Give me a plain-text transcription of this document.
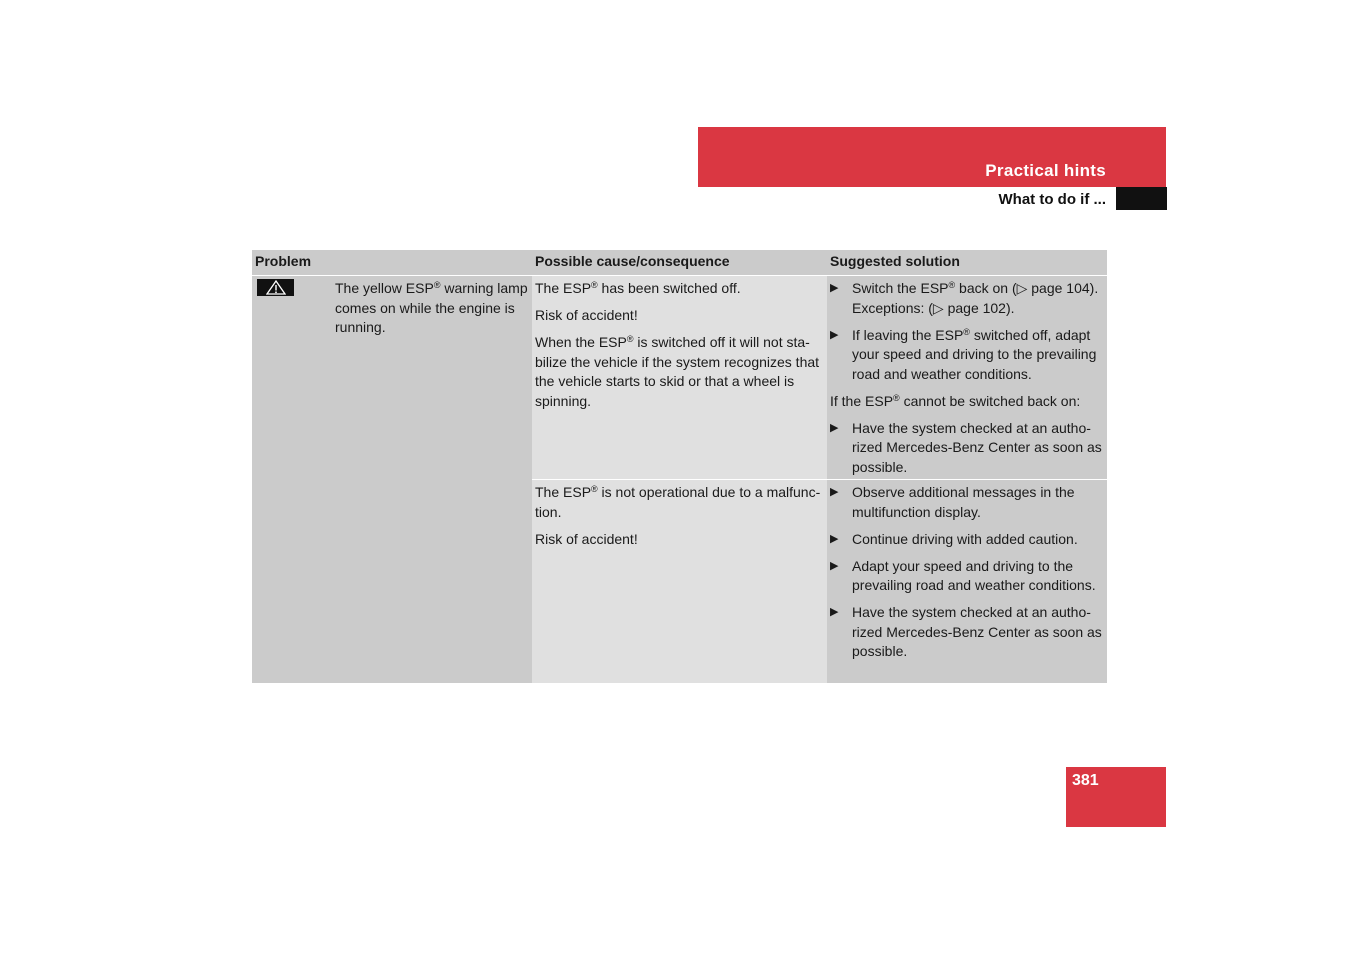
Practical hints
What to do if ...
Problem	Possible cause/consequence	Suggested solution
The yellow ESP® warning lamp comes on while the engine is running.

The ESP® has been switched off.

Risk of accident!

When the ESP® is switched off it will not stabilize the vehicle if the system recognizes that the vehicle starts to skid or that a wheel is spinning.

▶ Switch the ESP® back on (▷ page 104). Exceptions: (▷ page 102).
▶ If leaving the ESP® switched off, adapt your speed and driving to the prevailing road and weather conditions.

If the ESP® cannot be switched back on:

▶ Have the system checked at an authorized Mercedes-Benz Center as soon as possible.

The ESP® is not operational due to a malfunction.

Risk of accident!

▶ Observe additional messages in the multifunction display.
▶ Continue driving with added caution.
▶ Adapt your speed and driving to the prevailing road and weather conditions.
▶ Have the system checked at an authorized Mercedes-Benz Center as soon as possible.
381
